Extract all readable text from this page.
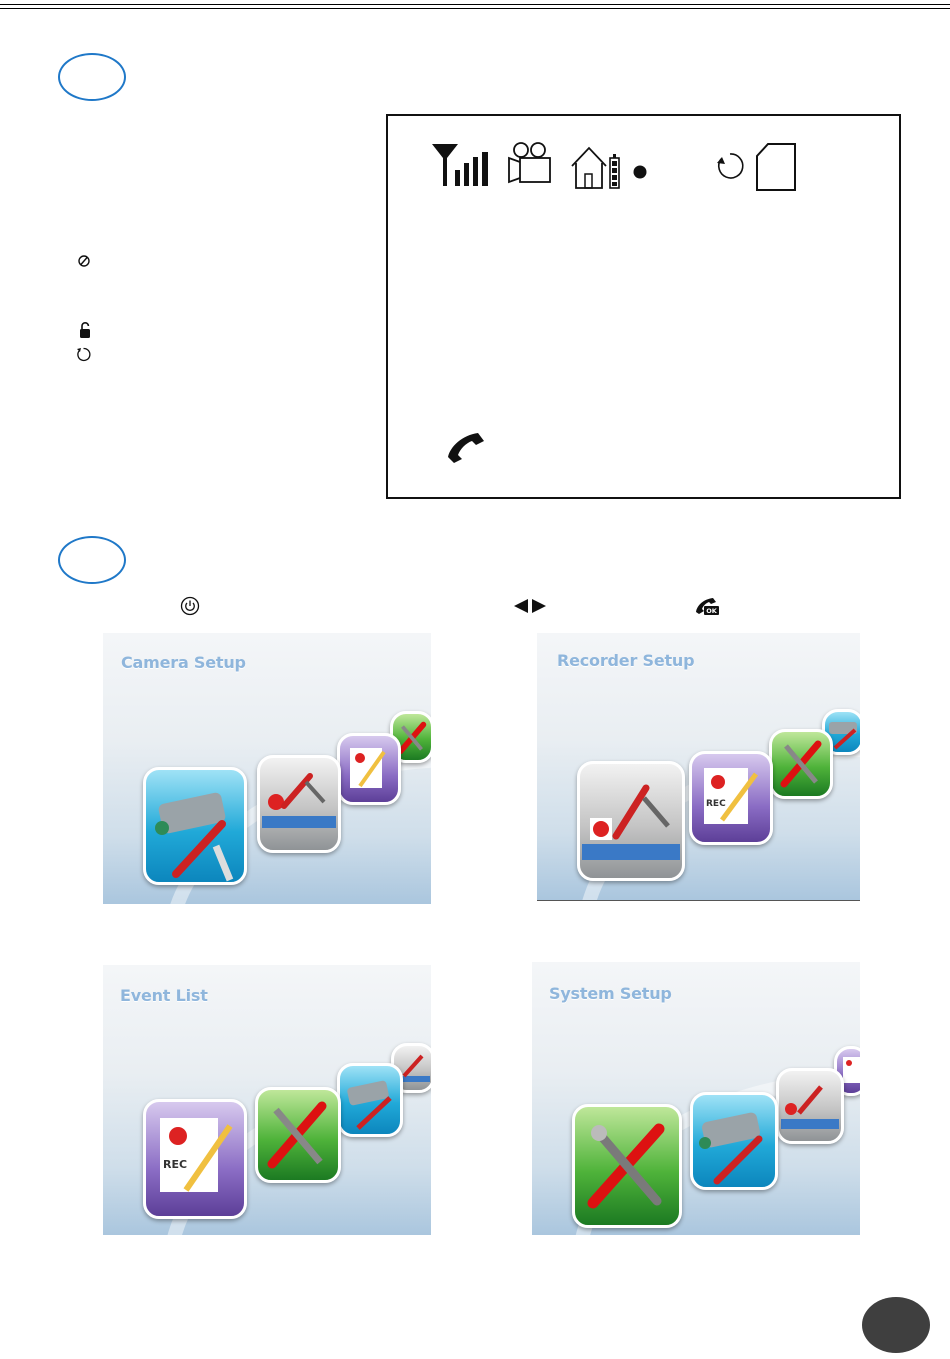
OK
Camera Setup	Recorder Setup
REC
Event List
REC
System Setup
